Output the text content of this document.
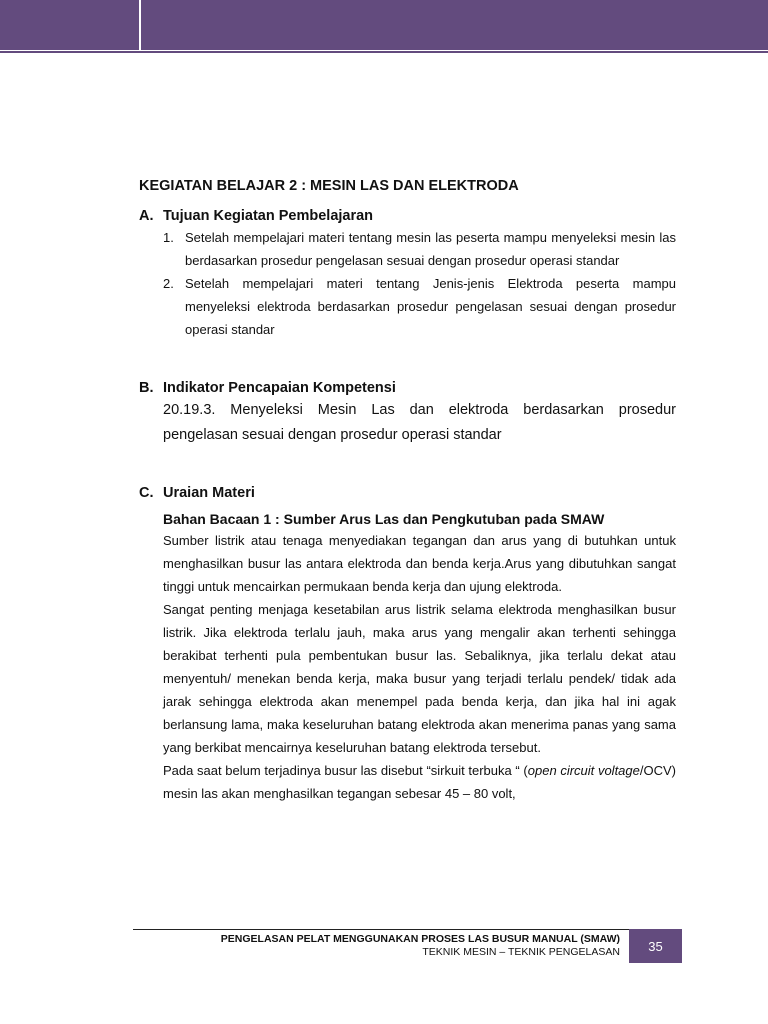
KEGIATAN BELAJAR 2 : MESIN LAS DAN ELEKTRODA

A. Tujuan Kegiatan Pembelajaran
1. Setelah mempelajari materi tentang mesin las peserta mampu menyeleksi mesin las berdasarkan prosedur pengelasan sesuai dengan prosedur operasi standar
2. Setelah mempelajari materi tentang Jenis-jenis Elektroda peserta mampu menyeleksi elektroda berdasarkan prosedur pengelasan sesuai dengan prosedur operasi standar
B. Indikator Pencapaian Kompetensi
20.19.3. Menyeleksi Mesin Las dan elektroda berdasarkan prosedur pengelasan sesuai dengan prosedur operasi standar
C. Uraian Materi
Bahan Bacaan 1 : Sumber Arus Las dan Pengkutuban pada SMAW

Sumber listrik atau tenaga menyediakan tegangan dan arus yang di butuhkan untuk menghasilkan busur las antara elektroda dan benda kerja.Arus yang dibutuhkan sangat tinggi untuk mencairkan permukaan benda kerja dan ujung elektroda.

Sangat penting menjaga kesetabilan arus listrik selama elektroda menghasilkan busur listrik. Jika elektroda terlalu jauh, maka arus yang mengalir akan terhenti sehingga berakibat terhenti pula pembentukan busur las. Sebaliknya, jika terlalu dekat atau menyentuh/ menekan benda kerja, maka busur yang terjadi terlalu pendek/ tidak ada jarak sehingga elektroda akan menempel pada benda kerja, dan jika hal ini agak berlansung lama, maka keseluruhan batang elektroda akan menerima panas yang sama yang berkibat mencairnya keseluruhan batang elektroda tersebut.

Pada saat belum terjadinya busur las disebut “sirkuit terbuka “ (open circuit voltage/OCV) mesin las akan menghasilkan tegangan sebesar 45 – 80 volt,

PENGELASAN PELAT MENGGUNAKAN PROSES LAS BUSUR MANUAL (SMAW)
TEKNIK MESIN – TEKNIK PENGELASAN	35
